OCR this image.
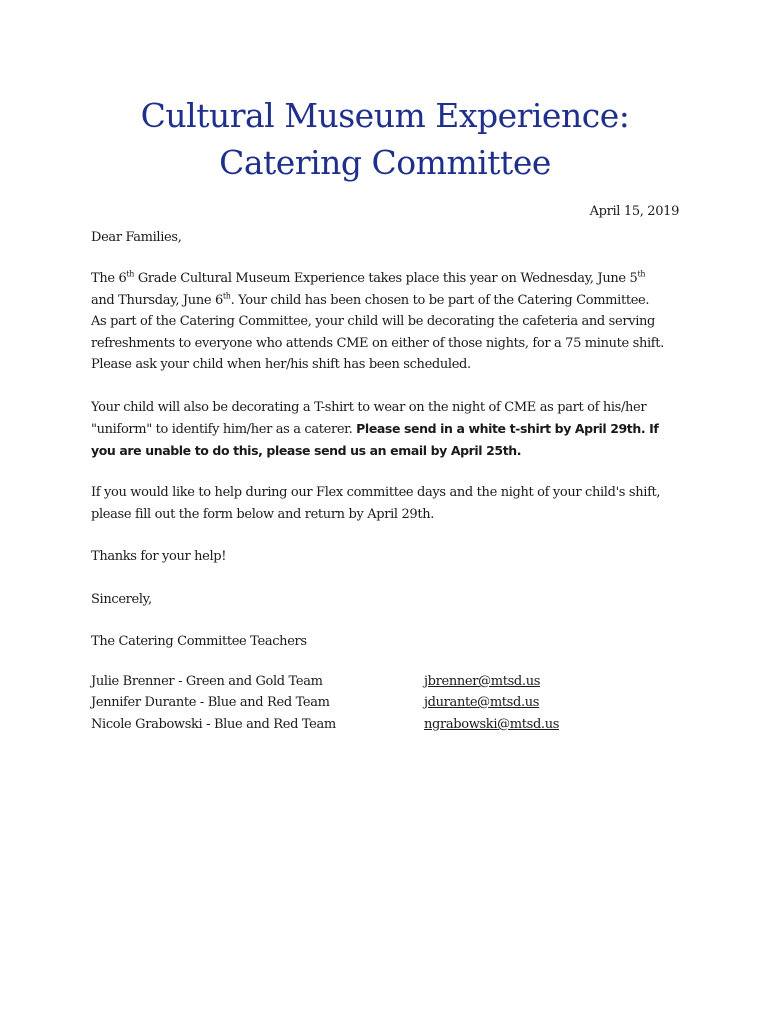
Cultural Museum Experience:
Catering Committee
April 15, 2019
Dear Families,
The 6th Grade Cultural Museum Experience takes place this year on Wednesday, June 5th
and Thursday, June 6th. Your child has been chosen to be part of the Catering Committee.
As part of the Catering Committee, your child will be decorating the cafeteria and serving
refreshments to everyone who attends CME on either of those nights, for a 75 minute shift.
Please ask your child when her/his shift has been scheduled.
Your child will also be decorating a T-shirt to wear on the night of CME as part of his/her
"uniform" to identify him/her as a caterer. Please send in a white t-shirt by April 29th. If
you are unable to do this, please send us an email by April 25th.
If you would like to help during our Flex committee days and the night of your child's shift,
please fill out the form below and return by April 29th.
Thanks for your help!
Sincerely,
The Catering Committee Teachers
Julie Brenner - Green and Gold Team	jbrenner@mtsd.us
Jennifer Durante - Blue and Red Team	jdurante@mtsd.us
Nicole Grabowski - Blue and Red Team	ngrabowski@mtsd.us
